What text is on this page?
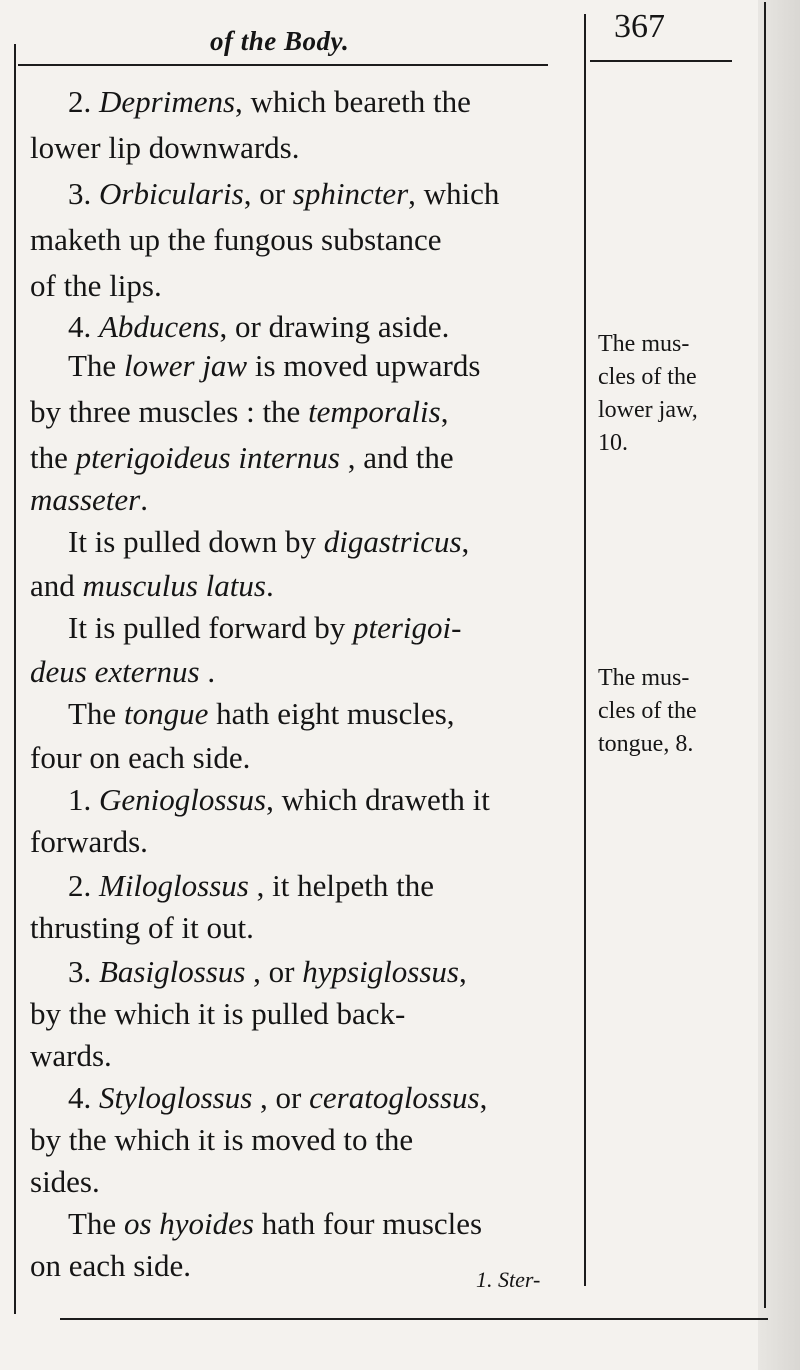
of the Body.	367
2. Deprimens, which beareth the
lower lip downwards.
3. Orbicularis, or sphincter, which
maketh up the fungous substance
of the lips.
4. Abducens, or drawing aside.
The lower jaw is moved upwards
by three muscles : the temporalis,
the pterigoideus internus , and the
masseter.
It is pulled down by digastricus,
and musculus latus.
It is pulled forward by pterigoi-
deus externus .
The tongue hath eight muscles,
four on each side.
1. Genioglossus, which draweth it
forwards.
2. Miloglossus , it helpeth the
thrusting of it out.
3. Basiglossus , or hypsiglossus,
by the which it is pulled back-
wards.
4. Styloglossus , or ceratoglossus,
by the which it is moved to the
sides.
The os hyoides hath four muscles
on each side.
The mus-
cles of the
lower jaw,
10.
The mus-
cles of the
tongue, 8.
1. Ster-
